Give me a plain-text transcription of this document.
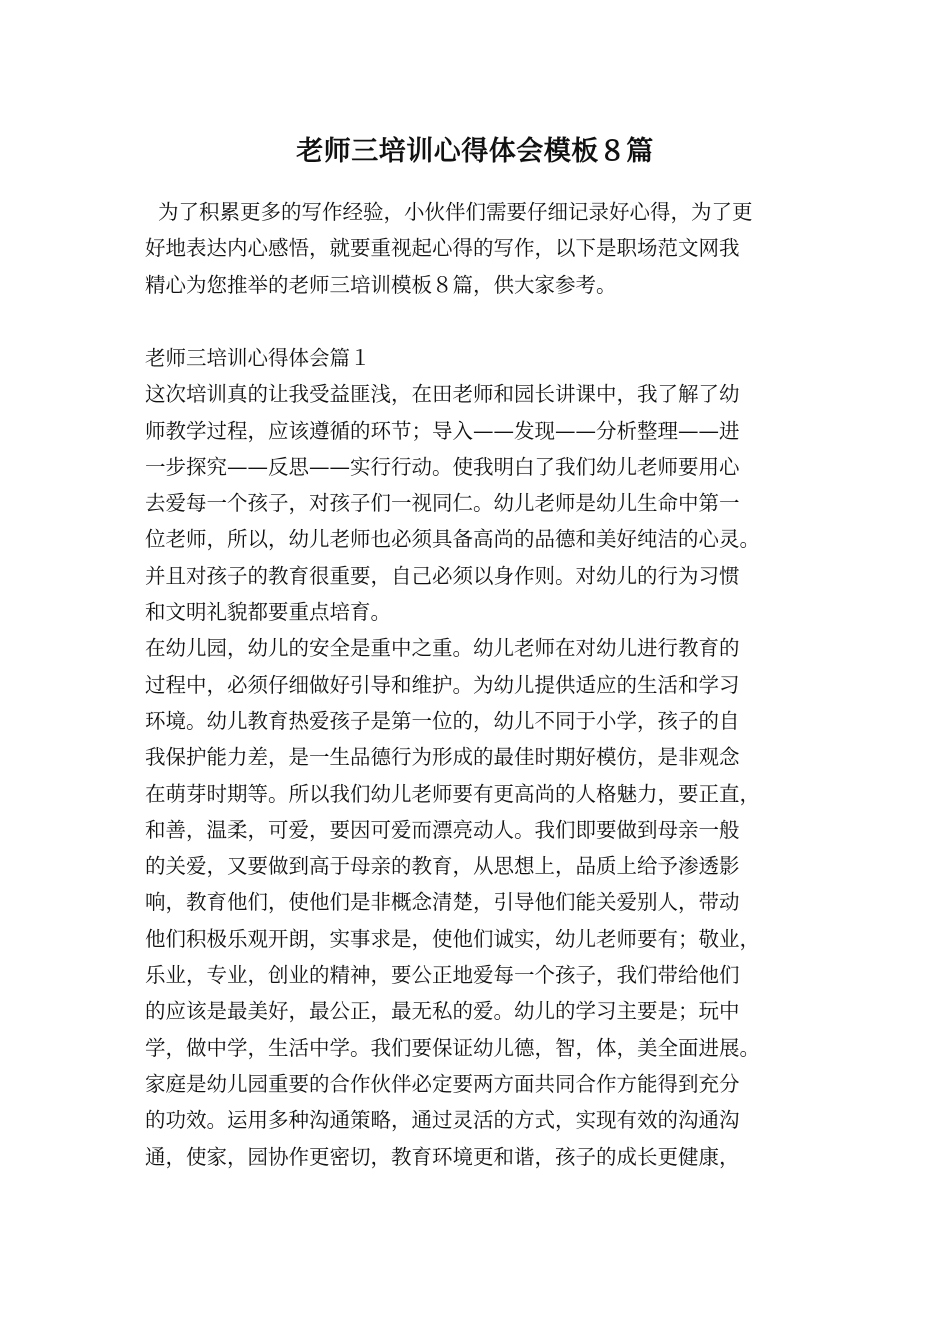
老师三培训心得体会模板８篇
为了积累更多的写作经验，小伙伴们需要仔细记录好心得，为了更
好地表达内心感悟，就要重视起心得的写作，以下是职场范文网我
精心为您推举的老师三培训模板８篇，供大家参考。
老师三培训心得体会篇１
这次培训真的让我受益匪浅，在田老师和园长讲课中，我了解了幼
师教学过程，应该遵循的环节；导入——发现——分析整理——进
一步探究——反思——实行行动。使我明白了我们幼儿老师要用心
去爱每一个孩子，对孩子们一视同仁。幼儿老师是幼儿生命中第一
位老师，所以，幼儿老师也必须具备高尚的品德和美好纯洁的心灵。
并且对孩子的教育很重要，自己必须以身作则。对幼儿的行为习惯
和文明礼貌都要重点培育。
在幼儿园，幼儿的安全是重中之重。幼儿老师在对幼儿进行教育的
过程中，必须仔细做好引导和维护。为幼儿提供适应的生活和学习
环境。幼儿教育热爱孩子是第一位的，幼儿不同于小学，孩子的自
我保护能力差，是一生品德行为形成的最佳时期好模仿，是非观念
在萌芽时期等。所以我们幼儿老师要有更高尚的人格魅力，要正直，
和善，温柔，可爱，要因可爱而漂亮动人。我们即要做到母亲一般
的关爱，又要做到高于母亲的教育，从思想上，品质上给予渗透影
响，教育他们，使他们是非概念清楚，引导他们能关爱别人，带动
他们积极乐观开朗，实事求是，使他们诚实，幼儿老师要有；敬业，
乐业，专业，创业的精神，要公正地爱每一个孩子，我们带给他们
的应该是最美好，最公正，最无私的爱。幼儿的学习主要是；玩中
学，做中学，生活中学。我们要保证幼儿德，智，体，美全面进展。
家庭是幼儿园重要的合作伙伴必定要两方面共同合作方能得到充分
的功效。运用多种沟通策略，通过灵活的方式，实现有效的沟通沟
通，使家，园协作更密切，教育环境更和谐，孩子的成长更健康，
